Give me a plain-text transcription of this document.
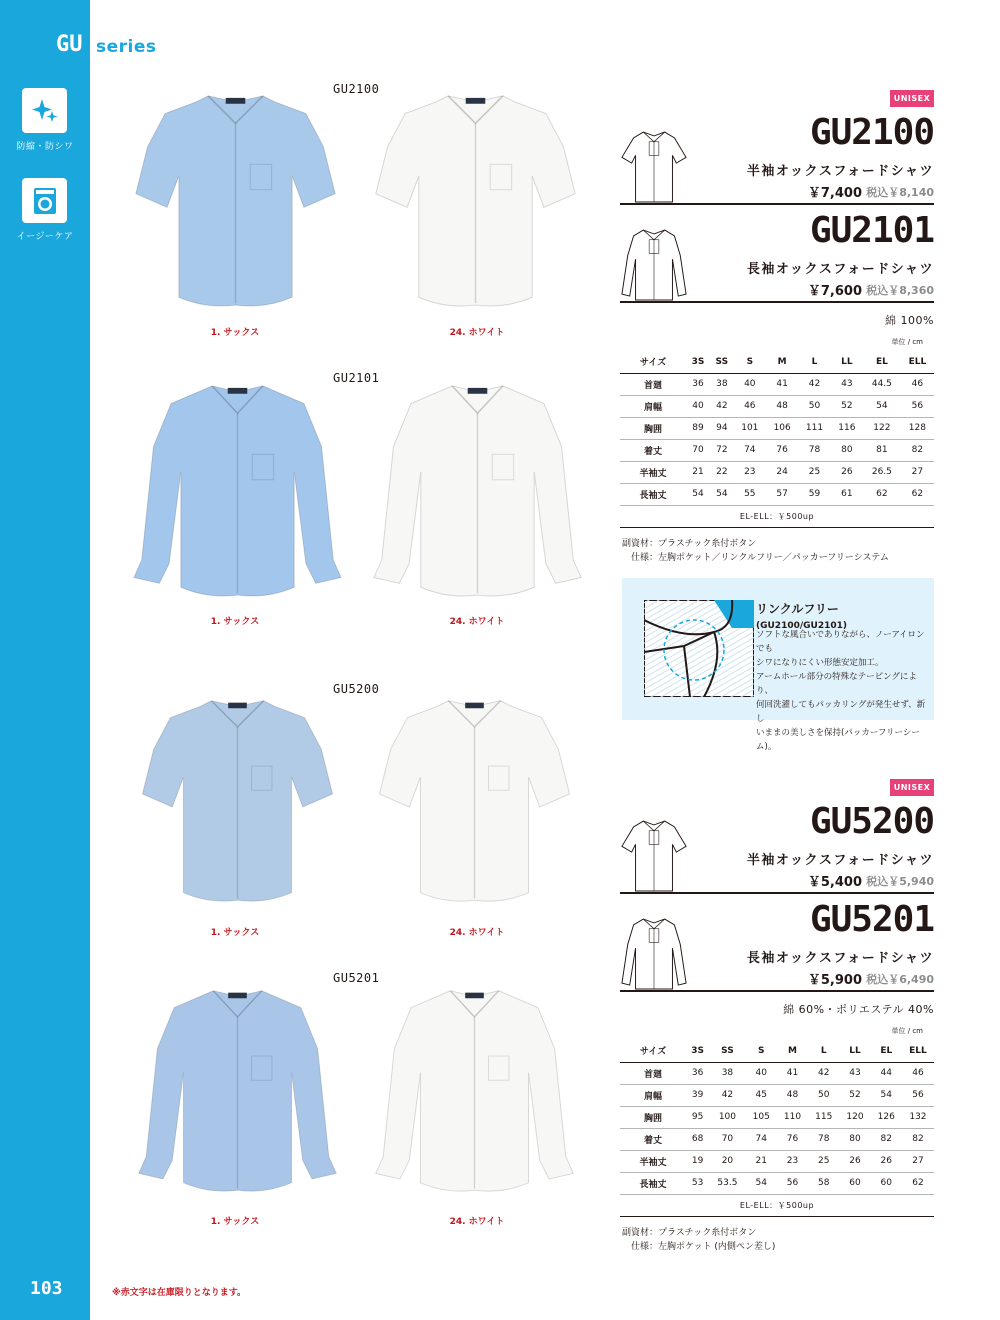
防縮・防シワ
イージーケア
103
GU series
※赤文字は在庫限りとなります。
GU2100
1. サックス	24. ホワイト
GU2101
1. サックス	24. ホワイト
GU5200
1. サックス	24. ホワイト
GU5201
1. サックス	24. ホワイト
UNISEX
GU2100
半袖オックスフォードシャツ
￥7,400 税込￥8,140
GU2101
長袖オックスフォードシャツ
￥7,600 税込￥8,360
綿 100%
単位 / cm
サイズ	3S	SS	S	M	L	LL	EL	ELL
首廻	36	38	40	41	42	43	44.5	46
肩幅	40	42	46	48	50	52	54	56
胸囲	89	94	101	106	111	116	122	128
着丈	70	72	74	76	78	80	81	82
半袖丈	21	22	23	24	25	26	26.5	27
長袖丈	54	54	55	57	59	61	62	62
EL-ELL：￥500up								
副資材：プラスチック糸付ボタン
仕様：左胸ポケット／リンクルフリー／パッカーフリーシステム
リンクルフリー (GU2100/GU2101)
ソフトな風合いでありながら、ノーアイロンでも
シワになりにくい形態安定加工。
アームホール部分の特殊なテーピングにより、
何回洗濯してもパッカリングが発生せず、新し
いままの美しさを保持(パッカーフリーシーム)。
UNISEX
GU5200
半袖オックスフォードシャツ
￥5,400 税込￥5,940
GU5201
長袖オックスフォードシャツ
￥5,900 税込￥6,490
綿 60%・ポリエステル 40%
単位 / cm
サイズ	3S	SS	S	M	L	LL	EL	ELL
首廻	36	38	40	41	42	43	44	46
肩幅	39	42	45	48	50	52	54	56
胸囲	95	100	105	110	115	120	126	132
着丈	68	70	74	76	78	80	82	82
半袖丈	19	20	21	23	25	26	26	27
長袖丈	53	53.5	54	56	58	60	60	62
EL-ELL：￥500up								
副資材：プラスチック糸付ボタン
仕様：左胸ポケット (内側ペン差し)
